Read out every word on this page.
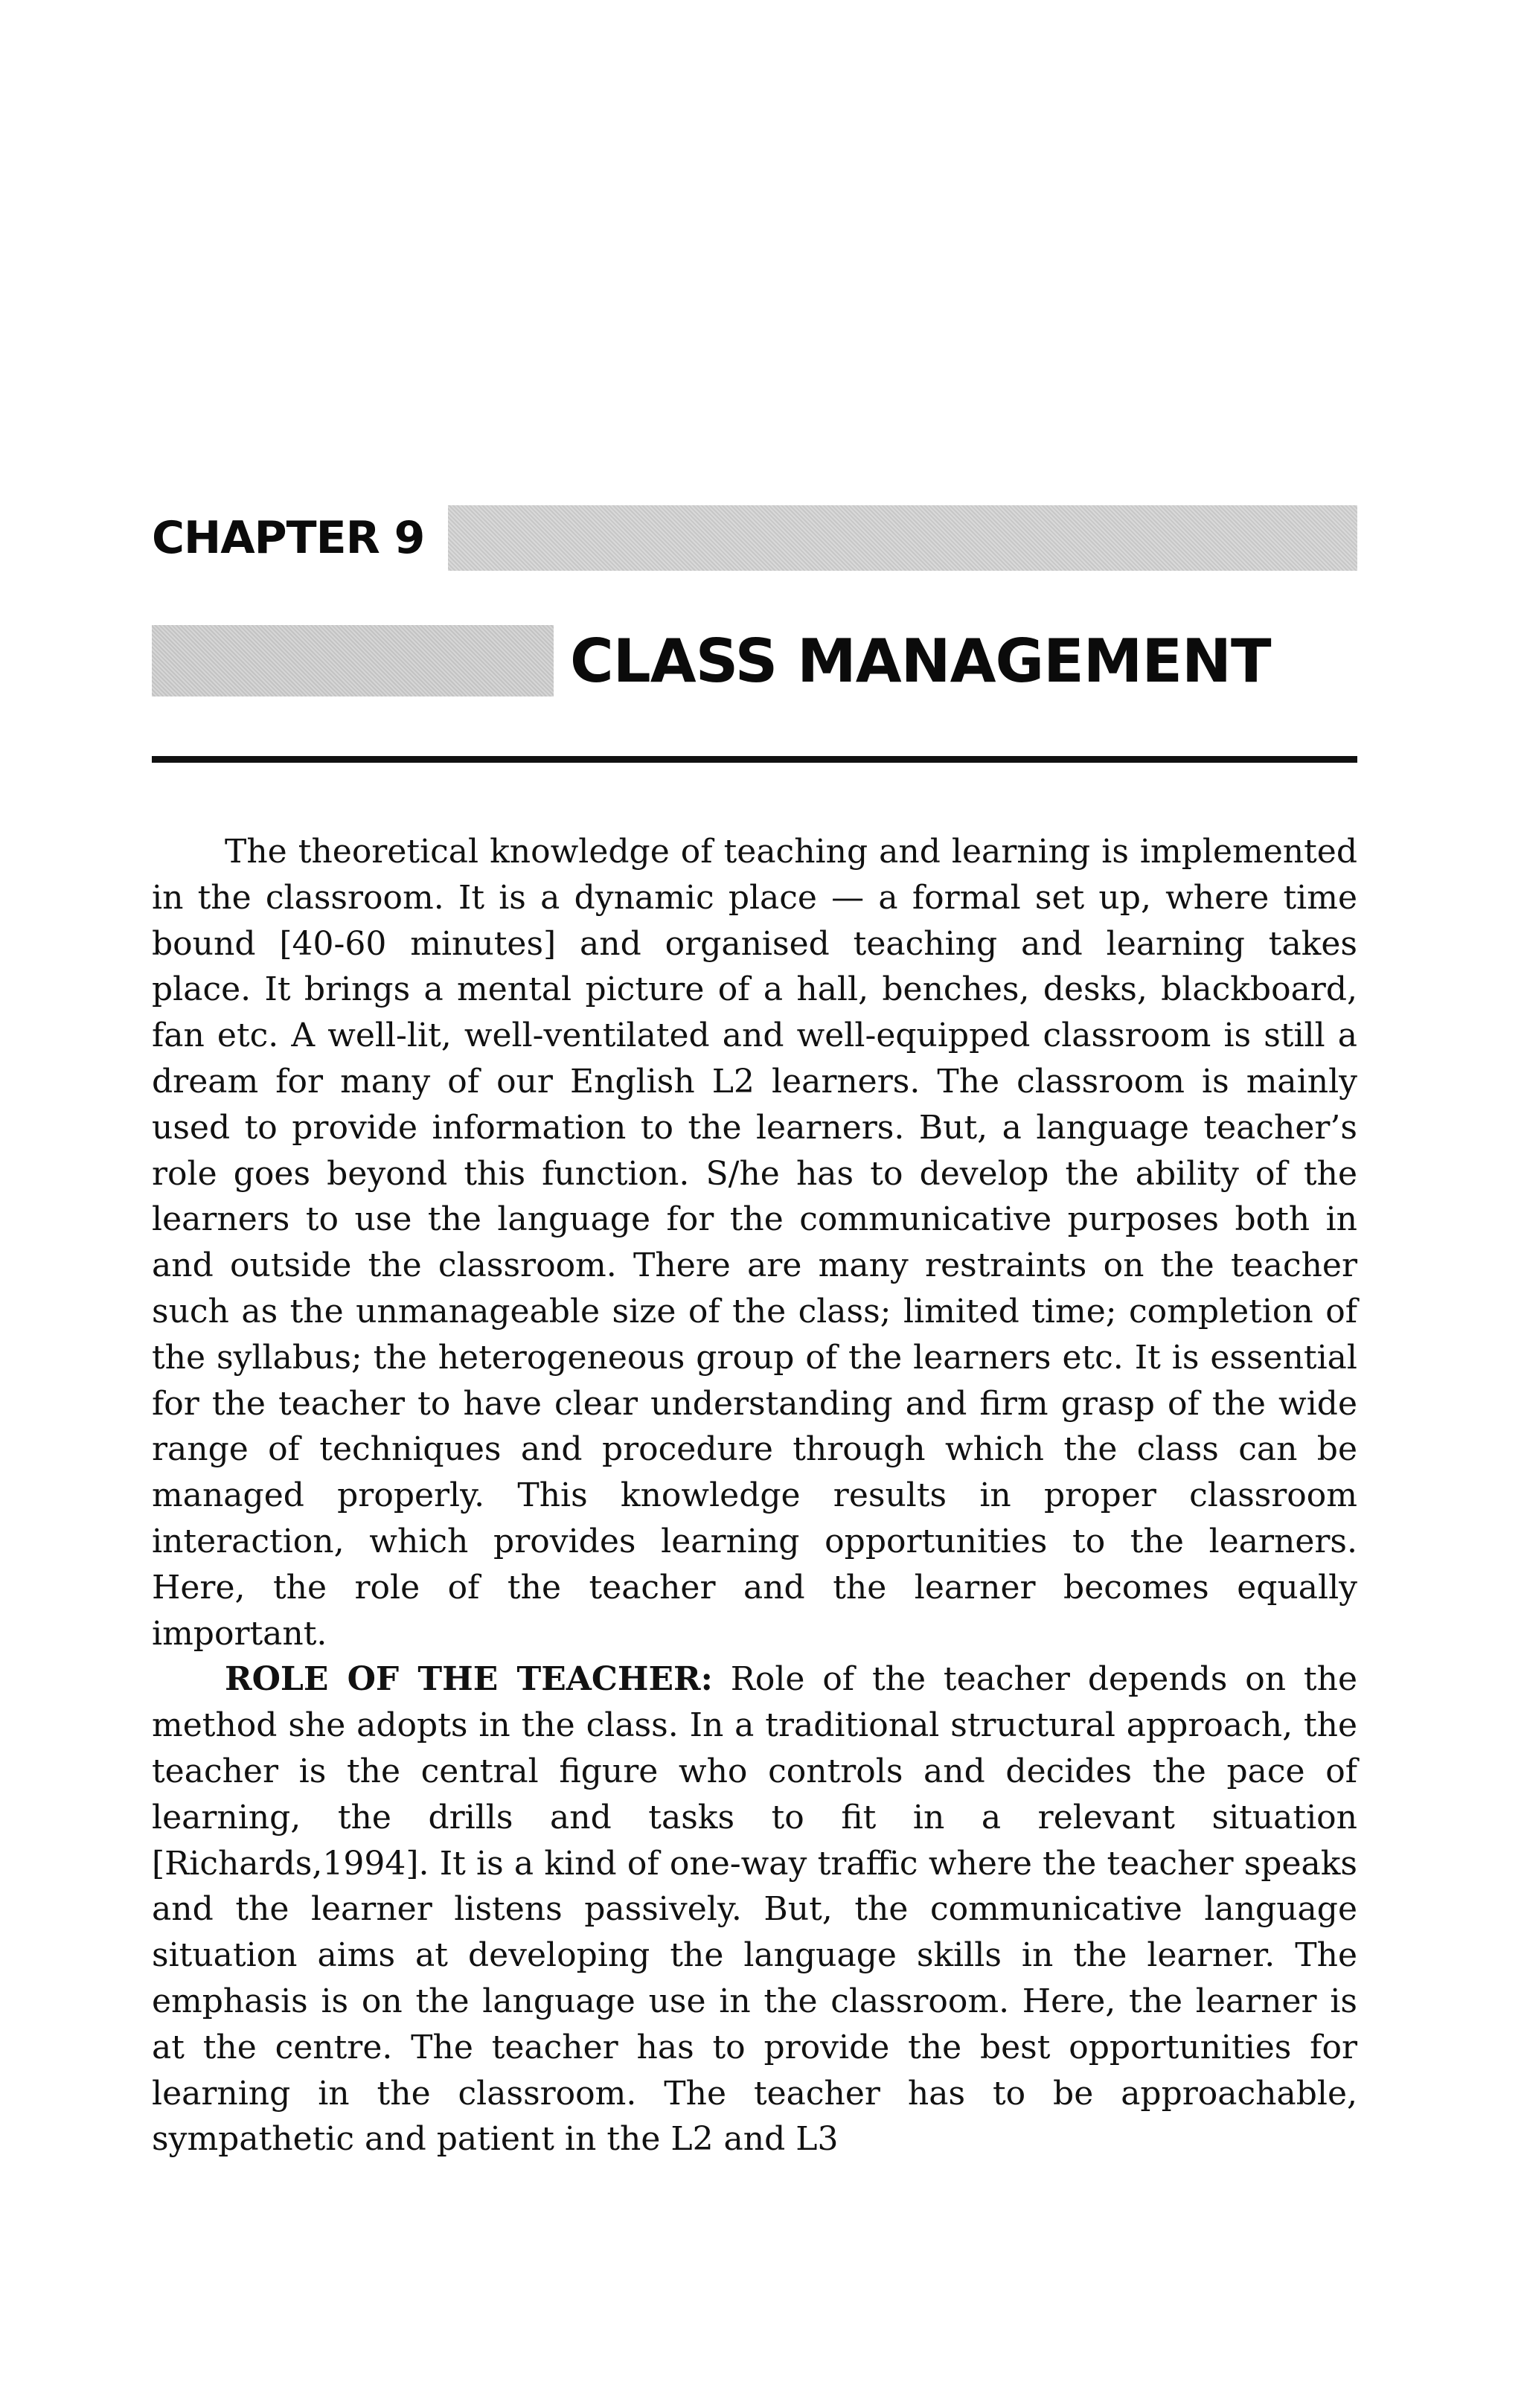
CHAPTER 9
CLASS MANAGEMENT

The theoretical knowledge of teaching and learning is implemented in the classroom. It is a dynamic place — a formal set up, where time bound [40-60 minutes] and organised teaching and learning takes place. It brings a mental picture of a hall, benches, desks, blackboard, fan etc. A well-lit, well-ventilated and well-equipped classroom is still a dream for many of our English L2 learners. The classroom is mainly used to provide information to the learners. But, a language teacher’s role goes beyond this function. S/he has to develop the ability of the learners to use the language for the communicative purposes both in and outside the classroom. There are many restraints on the teacher such as the unmanageable size of the class; limited time; completion of the syllabus; the heterogeneous group of the learners etc. It is essential for the teacher to have clear understanding and firm grasp of the wide range of techniques and procedure through which the class can be managed properly. This knowledge results in proper classroom interaction, which provides learning opportunities to the learners. Here, the role of the teacher and the learner becomes equally important.

ROLE OF THE TEACHER: Role of the teacher depends on the method she adopts in the class. In a traditional structural approach, the teacher is the central figure who controls and decides the pace of learning, the drills and tasks to fit in a relevant situation [Richards,1994]. It is a kind of one-way traffic where the teacher speaks and the learner listens passively. But, the communicative language situation aims at developing the language skills in the learner. The emphasis is on the language use in the classroom. Here, the learner is at the centre. The teacher has to provide the best opportunities for learning in the classroom. The teacher has to be approachable, sympathetic and patient in the L2 and L3
